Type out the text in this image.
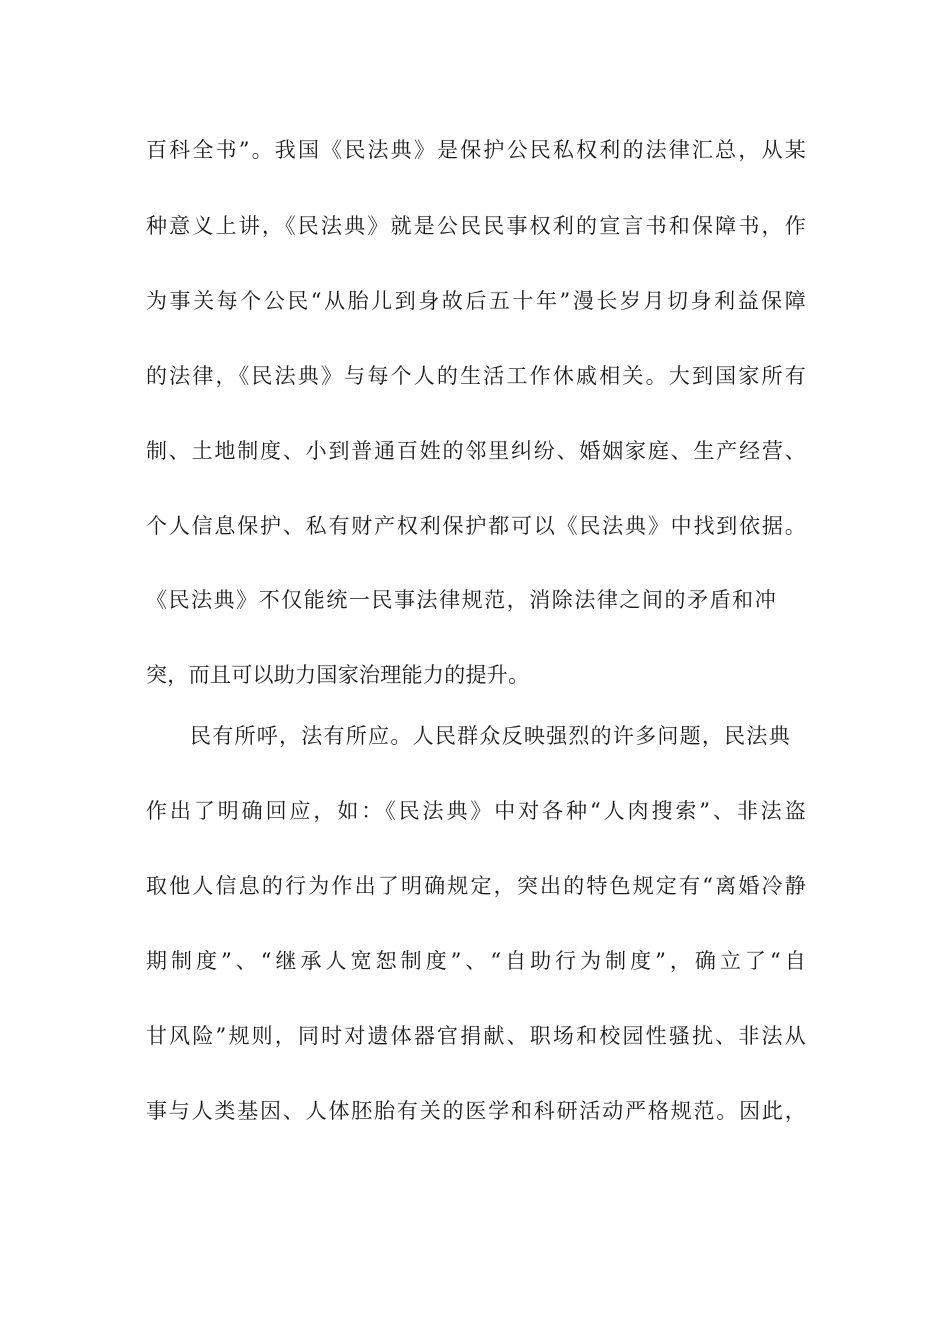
百科全书”。我国《民法典》是保护公民私权利的法律汇总，从某
种意义上讲，《民法典》就是公民民事权利的宣言书和保障书，作
为事关每个公民“从胎儿到身故后五十年”漫长岁月切身利益保障
的法律，《民法典》与每个人的生活工作休戚相关。大到国家所有
制、土地制度、小到普通百姓的邻里纠纷、婚姻家庭、生产经营、
个人信息保护、私有财产权利保护都可以《民法典》中找到依据。
《民法典》不仅能统一民事法律规范，消除法律之间的矛盾和冲
突，而且可以助力国家治理能力的提升。
民有所呼，法有所应。人民群众反映强烈的许多问题，民法典
作出了明确回应，如：《民法典》中对各种“人肉搜索”、非法盗
取他人信息的行为作出了明确规定，突出的特色规定有“离婚冷静
期制度”、“继承人宽恕制度”、“自助行为制度”，确立了“自
甘风险”规则，同时对遗体器官捐献、职场和校园性骚扰、非法从
事与人类基因、人体胚胎有关的医学和科研活动严格规范。因此，
